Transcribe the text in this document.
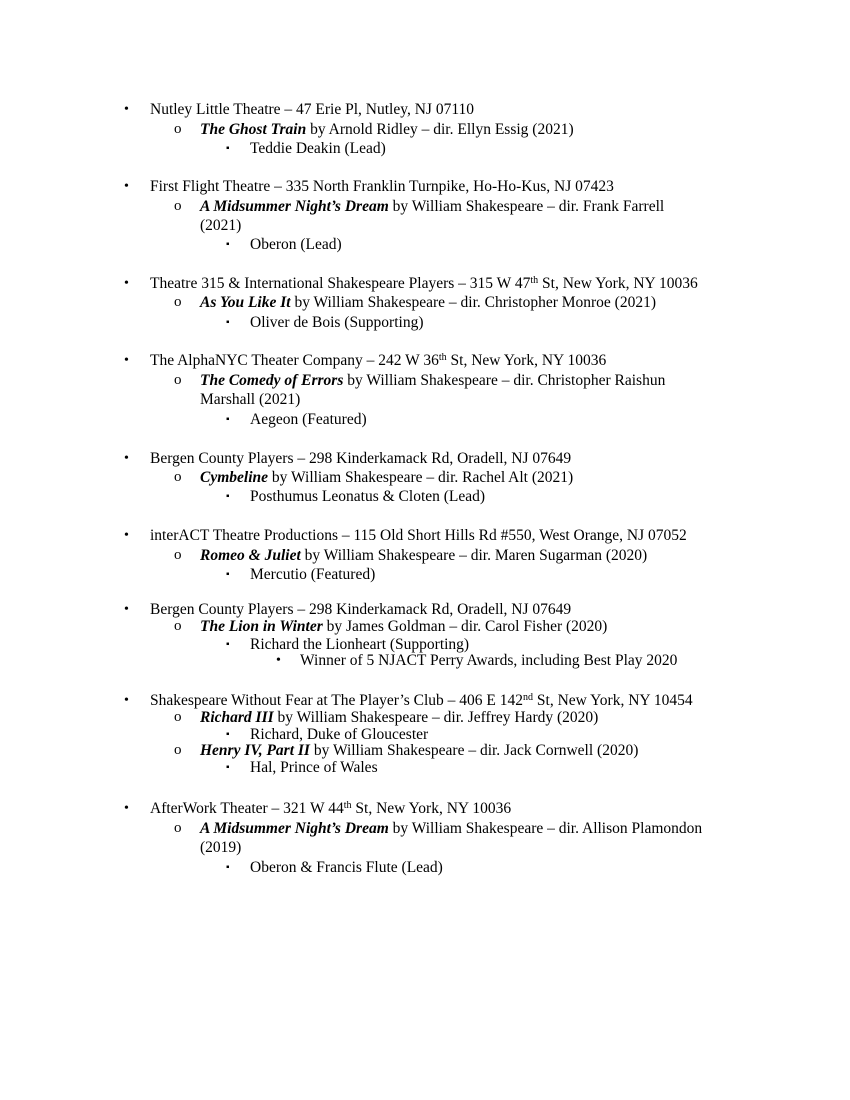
• Nutley Little Theatre – 47 Erie Pl, Nutley, NJ 07110
o The Ghost Train by Arnold Ridley – dir. Ellyn Essig (2021)
▪ Teddie Deakin (Lead)
• First Flight Theatre – 335 North Franklin Turnpike, Ho-Ho-Kus, NJ 07423
o A Midsummer Night’s Dream by William Shakespeare – dir. Frank Farrell
(2021)
▪ Oberon (Lead)
• Theatre 315 & International Shakespeare Players – 315 W 47th St, New York, NY 10036
o As You Like It by William Shakespeare – dir. Christopher Monroe (2021)
▪ Oliver de Bois (Supporting)
• The AlphaNYC Theater Company – 242 W 36th St, New York, NY 10036
o The Comedy of Errors by William Shakespeare – dir. Christopher Raishun
Marshall (2021)
▪ Aegeon (Featured)
• Bergen County Players – 298 Kinderkamack Rd, Oradell, NJ 07649
o Cymbeline by William Shakespeare – dir. Rachel Alt (2021)
▪ Posthumus Leonatus & Cloten (Lead)
• interACT Theatre Productions – 115 Old Short Hills Rd #550, West Orange, NJ 07052
o Romeo & Juliet by William Shakespeare – dir. Maren Sugarman (2020)
▪ Mercutio (Featured)
• Bergen County Players – 298 Kinderkamack Rd, Oradell, NJ 07649
o The Lion in Winter by James Goldman – dir. Carol Fisher (2020)
▪ Richard the Lionheart (Supporting)
• Winner of 5 NJACT Perry Awards, including Best Play 2020
• Shakespeare Without Fear at The Player’s Club – 406 E 142nd St, New York, NY 10454
o Richard III by William Shakespeare – dir. Jeffrey Hardy (2020)
▪ Richard, Duke of Gloucester
o Henry IV, Part II by William Shakespeare – dir. Jack Cornwell (2020)
▪ Hal, Prince of Wales
• AfterWork Theater – 321 W 44th St, New York, NY 10036
o A Midsummer Night’s Dream by William Shakespeare – dir. Allison Plamondon
(2019)
▪ Oberon & Francis Flute (Lead)
